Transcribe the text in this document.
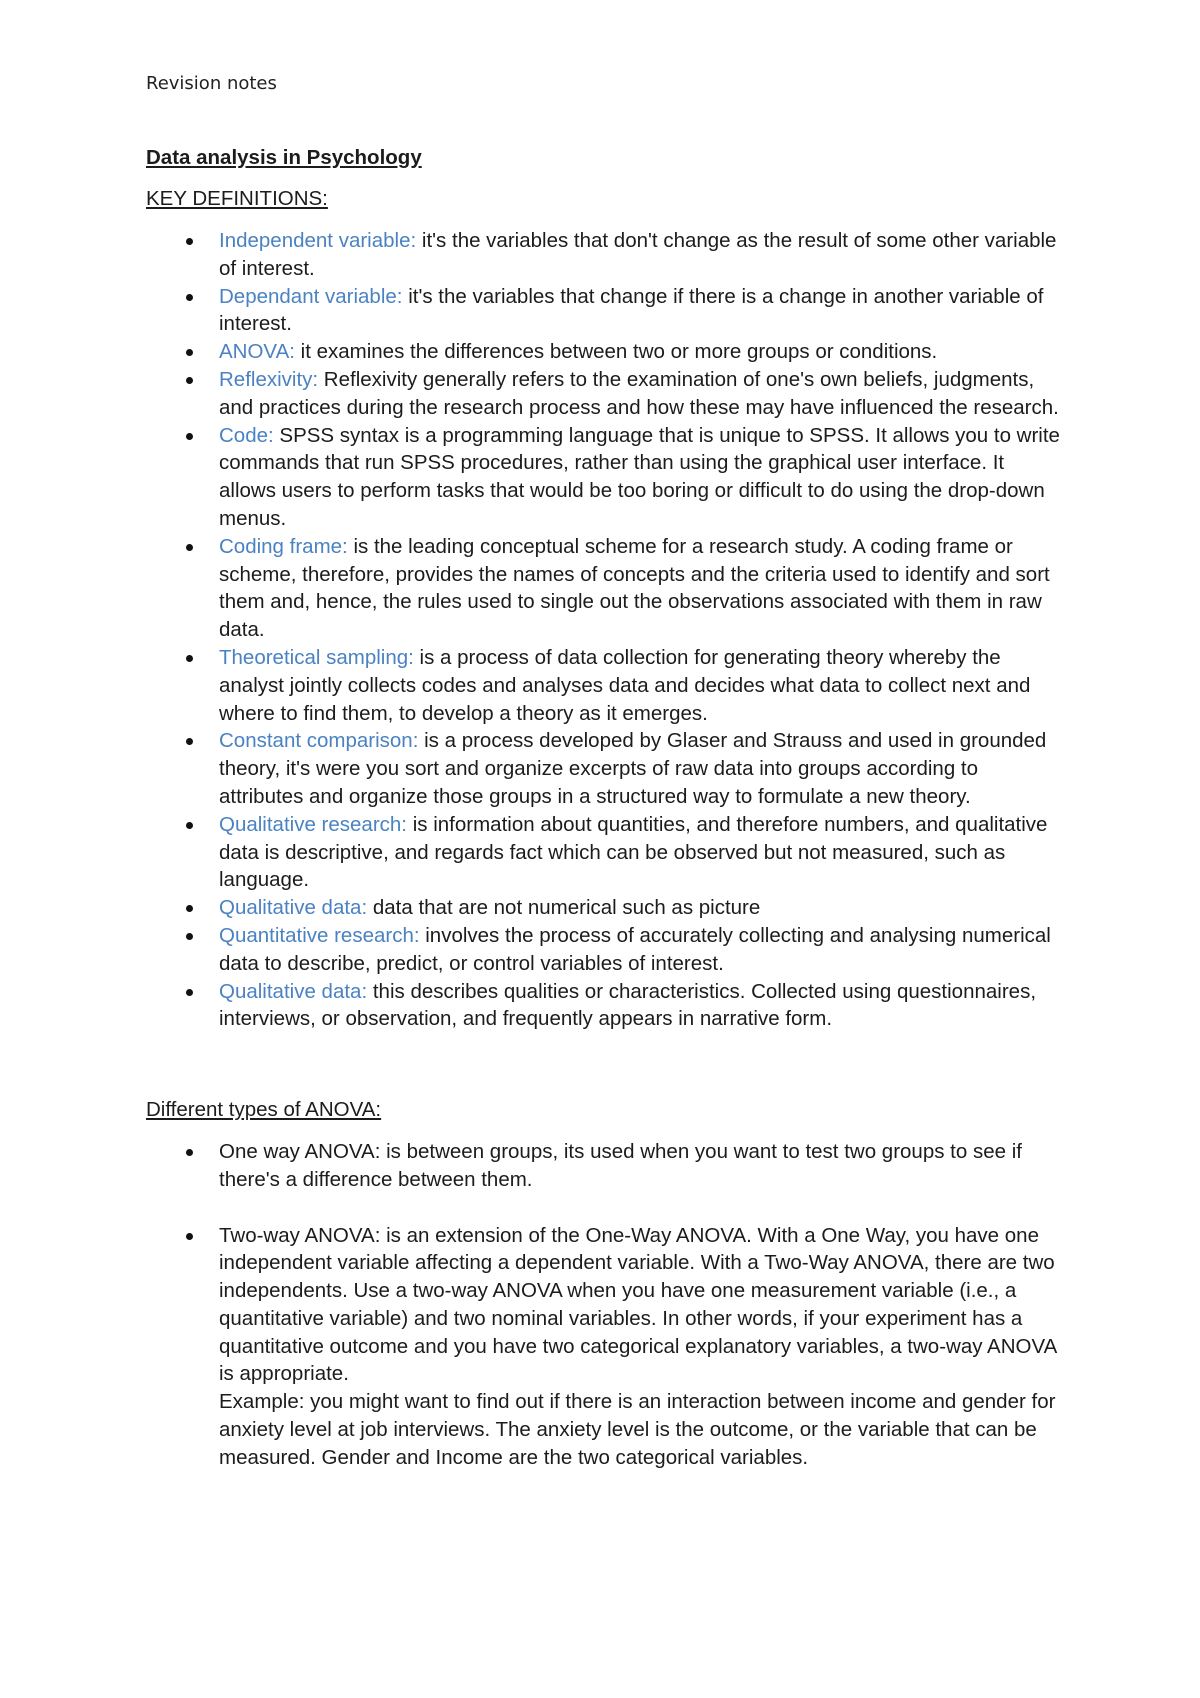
Revision notes

Data analysis in Psychology

KEY DEFINITIONS:

Independent variable: it's the variables that don't change as the result of some other variable of interest.
Dependant variable: it's the variables that change if there is a change in another variable of interest.
ANOVA: it examines the differences between two or more groups or conditions.
Reflexivity: Reflexivity generally refers to the examination of one's own beliefs, judgments, and practices during the research process and how these may have influenced the research.
Code: SPSS syntax is a programming language that is unique to SPSS. It allows you to write commands that run SPSS procedures, rather than using the graphical user interface. It allows users to perform tasks that would be too boring or difficult to do using the drop-down menus.
Coding frame: is the leading conceptual scheme for a research study. A coding frame or scheme, therefore, provides the names of concepts and the criteria used to identify and sort them and, hence, the rules used to single out the observations associated with them in raw data.
Theoretical sampling: is a process of data collection for generating theory whereby the analyst jointly collects codes and analyses data and decides what data to collect next and where to find them, to develop a theory as it emerges.
Constant comparison: is a process developed by Glaser and Strauss and used in grounded theory, it's were you sort and organize excerpts of raw data into groups according to attributes and organize those groups in a structured way to formulate a new theory.
Qualitative research: is information about quantities, and therefore numbers, and qualitative data is descriptive, and regards fact which can be observed but not measured, such as language.
Qualitative data: data that are not numerical such as picture
Quantitative research: involves the process of accurately collecting and analysing numerical data to describe, predict, or control variables of interest.
Qualitative data: this describes qualities or characteristics. Collected using questionnaires, interviews, or observation, and frequently appears in narrative form.

Different types of ANOVA:

One way ANOVA: is between groups, its used when you want to test two groups to see if there's a difference between them.
Two-way ANOVA: is an extension of the One-Way ANOVA. With a One Way, you have one independent variable affecting a dependent variable. With a Two-Way ANOVA, there are two independents. Use a two-way ANOVA when you have one measurement variable (i.e., a quantitative variable) and two nominal variables. In other words, if your experiment has a quantitative outcome and you have two categorical explanatory variables, a two-way ANOVA is appropriate.
Example: you might want to find out if there is an interaction between income and gender for anxiety level at job interviews. The anxiety level is the outcome, or the variable that can be measured. Gender and Income are the two categorical variables.
